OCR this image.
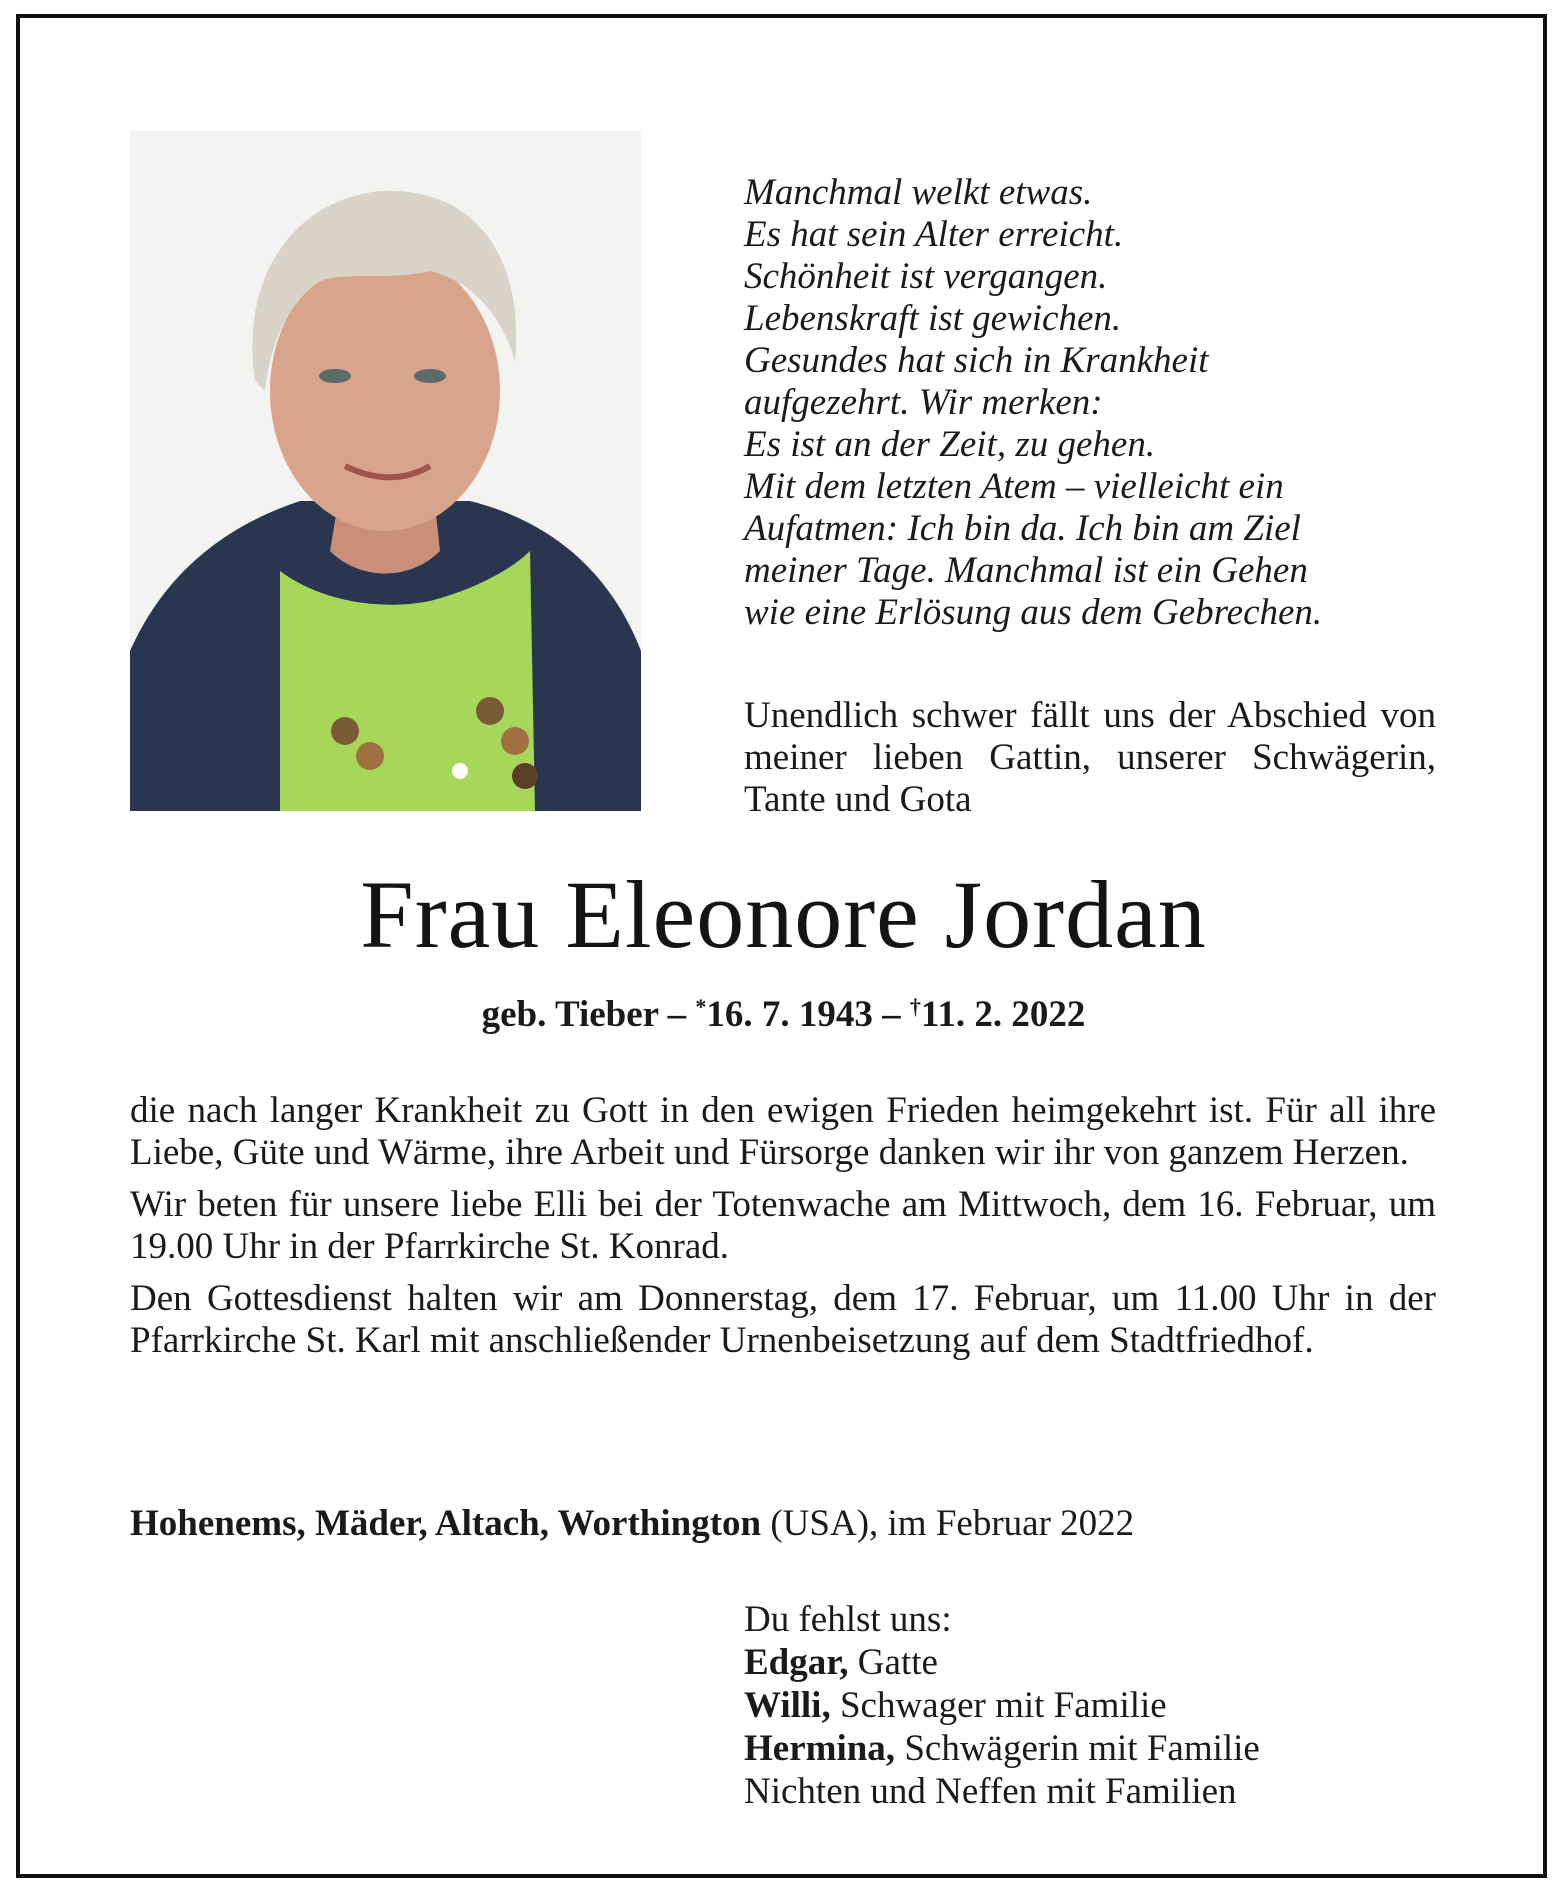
Manchmal welkt etwas.
Es hat sein Alter erreicht.
Schönheit ist vergangen.
Lebenskraft ist gewichen.
Gesundes hat sich in Krankheit
aufgezehrt. Wir merken:
Es ist an der Zeit, zu gehen.
Mit dem letzten Atem – vielleicht ein
Aufatmen: Ich bin da. Ich bin am Ziel
meiner Tage. Manchmal ist ein Gehen
wie eine Erlösung aus dem Gebrechen.
Unendlich schwer fällt uns der Abschied von meiner lieben Gattin, unserer Schwägerin, Tante und Gota
Frau Eleonore Jordan
geb. Tieber – *16. 7. 1943 – †11. 2. 2022

die nach langer Krankheit zu Gott in den ewigen Frieden heimgekehrt ist. Für all ihre Liebe, Güte und Wärme, ihre Arbeit und Fürsorge danken wir ihr von ganzem Herzen.

Wir beten für unsere liebe Elli bei der Totenwache am Mittwoch, dem 16. Februar, um 19.00 Uhr in der Pfarrkirche St. Konrad.

Den Gottesdienst halten wir am Donnerstag, dem 17. Februar, um 11.00 Uhr in der Pfarrkirche St. Karl mit anschließender Urnenbeisetzung auf dem Stadtfriedhof.

Hohenems, Mäder, Altach, Worthington (USA), im Februar 2022
Du fehlst uns:
Edgar, Gatte
Willi, Schwager mit Familie
Hermina, Schwägerin mit Familie
Nichten und Neffen mit Familien
